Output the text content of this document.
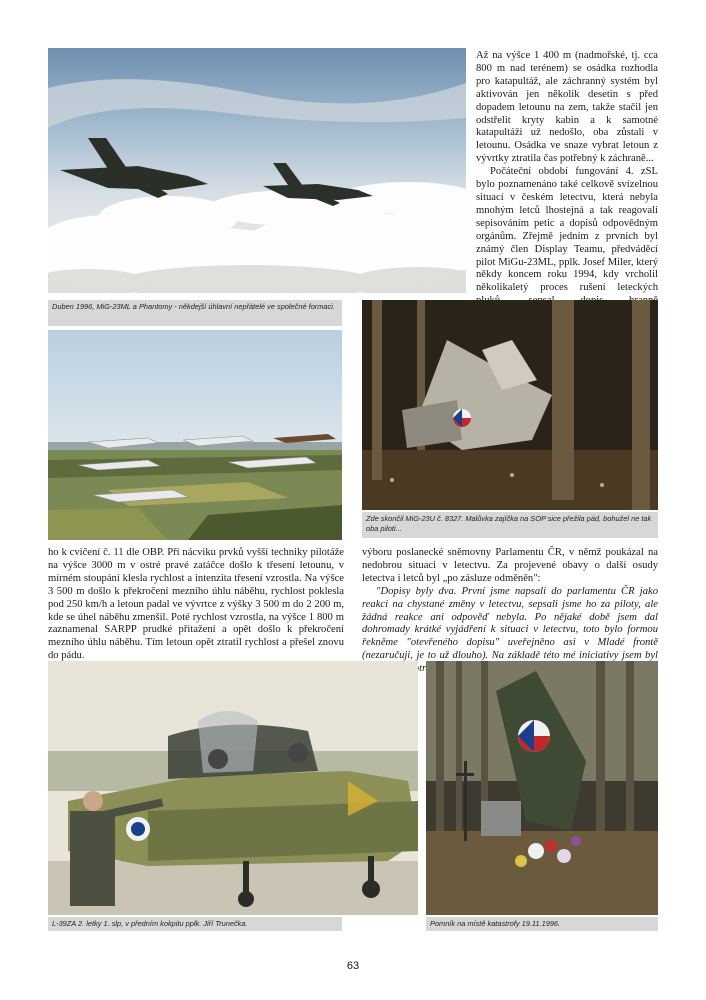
Až na výšce 1 400 m (nadmořské, tj. cca 800 m nad terénem) se osádka rozhodla pro katapultáž, ale záchranný systém byl aktivován jen několik desetin s před dopadem letounu na zem, takže stačil jen odstřelit kryty kabin a k samotné katapultáži už nedošlo, oba zůstali v letounu. Osádka ve snaze vybrat letoun z vývrtky ztratila čas potřebný k záchraně...

Počáteční období fungování 4. zSL bylo poznamenáno také celkově svízelnou situací v českém letectvu, která nebyla mnohým letců lhostejná a tak reagovali sepisováním petic a dopisů odpovědným orgánům. Zřejmě jedním z prvních byl známý člen Display Teamu, předváděcí pilot MiGu-23ML, pplk. Josef Miler, který někdy koncem roku 1994, kdy vrcholil několikaletý proces rušení leteckých

Duben 1996, MiG-23ML a Phantomy - někdejší úhlavní nepřátelé ve společné formaci.
Zde skončil MiG-23U č. 8327. Malůvka zajíčka na SOP sice přežila pád, bohužel ne tak oba piloti...

ho k cvičení č. 11 dle OBP. Při nácviku prvků vyšší techniky pilotáže na výšce 3000 m v ostré pravé zatáčce došlo k třesení letounu, v mírném stoupání klesla rychlost a intenzita třesení vzrostla. Na výšce 3 500 m došlo k překročení mezního úhlu náběhu, rychlost poklesla pod 250 km/h a letoun padal ve vývrtce z výšky 3 500 m do 2 200 m, kde se úhel náběhu zmenšil. Poté rychlost vzrostla, na výšce 1 800 m zaznamenal SARPP prudké přitažení a opět došlo k překročení mezního úhlu náběhu. Tím letoun opět ztratil rychlost a přešel znovu do pádu.

výboru poslanecké sněmovny Parlamentu ČR, v němž poukázal na nedobrou situaci v letectvu. Za projevené obavy o další osudy letectva i letců byl „po zásluze odměněn":

"Dopisy byly dva. První jsme napsali do parlamentu ČR jako reakci na chystané změny v letectvu, sepsali jsme ho za piloty, ale žádná reakce ani odpověď nebyla. Po nějaké době jsem dal dohromady krátké vyjádření k situaci v letectvu, toto bylo formou řekněme "otevřeného dopisu" uveřejněno asi v Mladé frontě (nezaručuji, je to už dlouho). Na základě této mé iniciativy jsem byl

L-39ZA 2. letky 1. slp, v předním kokpitu pplk. Jiří Trunečka.	Pomník na místě katastrofy 19.11.1996.
63
